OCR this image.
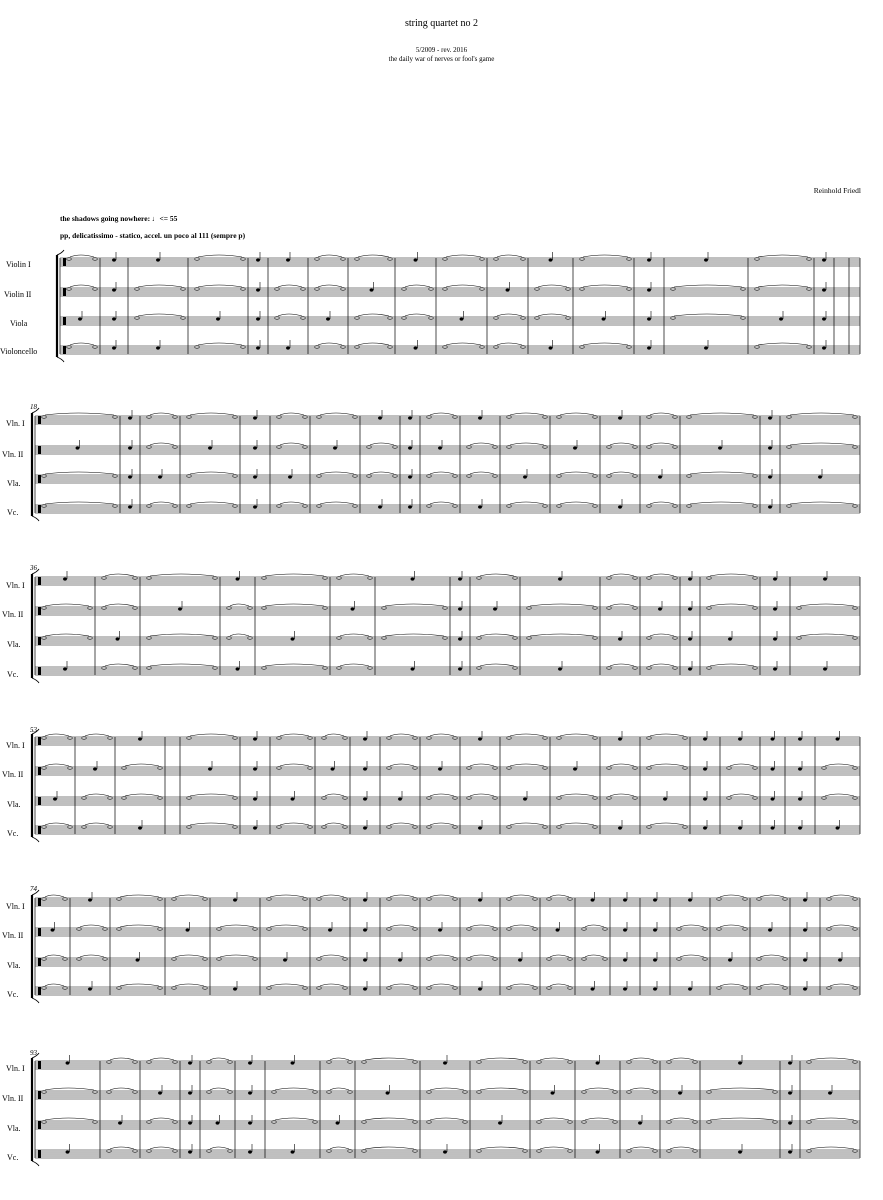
string quartet no 2
5/2009 - rev. 2016
the daily war of nerves or fool's game
Reinhold Friedl
the shadows going nowhere: ♩<= 55
pp, delicatissimo - statico, accel. un poco al 111 (sempre p)
Violin I
Violin II
Viola
Violoncello
18
Vln. I
Vln. II
Vla.
Vc.
36
Vln. I
Vln. II
Vla.
Vc.
53
Vln. I
Vln. II
Vla.
Vc.
74
Vln. I
Vln. II
Vla.
Vc.
93
Vln. I
Vln. II
Vla.
Vc.
